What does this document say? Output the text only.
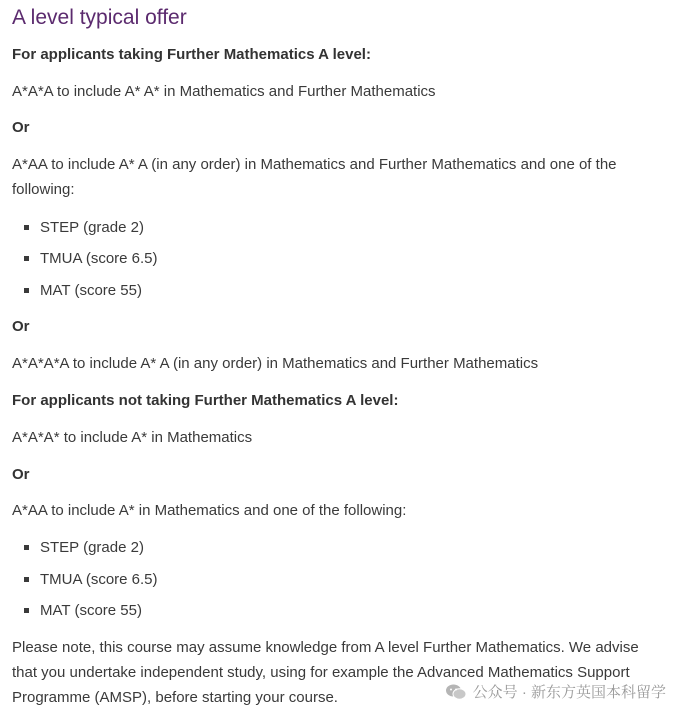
A level typical offer
For applicants taking Further Mathematics A level:
A*A*A to include A* A* in Mathematics and Further Mathematics
Or
A*AA to include A* A (in any order) in Mathematics and Further Mathematics and one of the following:
STEP (grade 2)
TMUA (score 6.5)
MAT (score 55)
Or
A*A*A*A to include A* A (in any order) in Mathematics and Further Mathematics
For applicants not taking Further Mathematics A level:
A*A*A* to include A* in Mathematics
Or
A*AA to include A* in Mathematics and one of the following:
STEP (grade 2)
TMUA (score 6.5)
MAT (score 55)
Please note, this course may assume knowledge from A level Further Mathematics. We advise that you undertake independent study, using for example the Advanced Mathematics Support Programme (AMSP), before starting your course.	公众号 · 新东方英国本科留学
